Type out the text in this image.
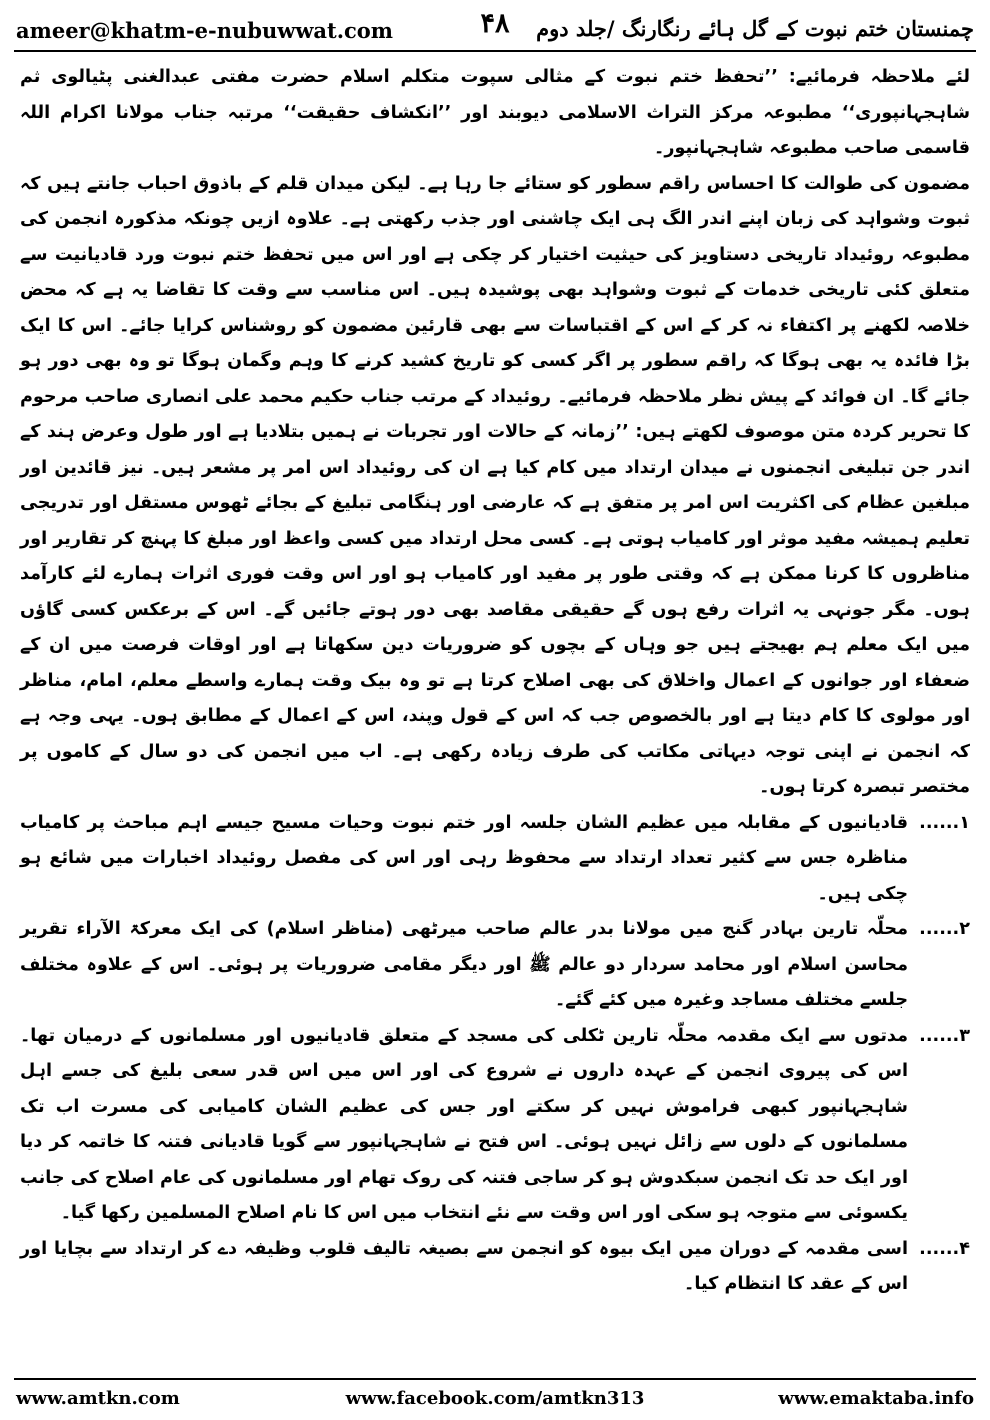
ameer@khatm-e-nubuwwat.com	۴۸	چمنستان ختم نبوت کے گل ہائے رنگارنگ /جلد دوم

لئے ملاحظہ فرمائیے: ’’تحفظ ختم نبوت کے مثالی سپوت متکلم اسلام حضرت مفتی عبدالغنی پٹیالوی ثم شاہجہانپوری‘‘ مطبوعہ مرکز التراث الاسلامی دیوبند اور ’’انکشاف حقیقت‘‘ مرتبہ جناب مولانا اکرام اللہ قاسمی صاحب مطبوعہ شاہجہانپور۔

مضمون کی طوالت کا احساس راقم سطور کو ستائے جا رہا ہے۔ لیکن میدان قلم کے باذوق احباب جانتے ہیں کہ ثبوت وشواہد کی زبان اپنے اندر الگ ہی ایک چاشنی اور جذب رکھتی ہے۔ علاوہ ازیں چونکہ مذکورہ انجمن کی مطبوعہ روئیداد تاریخی دستاویز کی حیثیت اختیار کر چکی ہے اور اس میں تحفظ ختم نبوت ورد قادیانیت سے متعلق کئی تاریخی خدمات کے ثبوت وشواہد بھی پوشیدہ ہیں۔ اس مناسب سے وقت کا تقاضا یہ ہے کہ محض خلاصہ لکھنے پر اکتفاء نہ کر کے اس کے اقتباسات سے بھی قارئین مضمون کو روشناس کرایا جائے۔ اس کا ایک بڑا فائدہ یہ بھی ہوگا کہ راقم سطور پر اگر کسی کو تاریخ کشید کرنے کا وہم وگمان ہوگا تو وہ بھی دور ہو جائے گا۔ ان فوائد کے پیش نظر ملاحظہ فرمائیے۔ روئیداد کے مرتب جناب حکیم محمد علی انصاری صاحب مرحوم کا تحریر کردہ متن موصوف لکھتے ہیں: ’’زمانہ کے حالات اور تجربات نے ہمیں بتلادیا ہے اور طول وعرض ہند کے اندر جن تبلیغی انجمنوں نے میدان ارتداد میں کام کیا ہے ان کی روئیداد اس امر پر مشعر ہیں۔ نیز قائدین اور مبلغین عظام کی اکثریت اس امر پر متفق ہے کہ عارضی اور ہنگامی تبلیغ کے بجائے ٹھوس مستقل اور تدریجی تعلیم ہمیشہ مفید موثر اور کامیاب ہوتی ہے۔ کسی محل ارتداد میں کسی واعظ اور مبلغ کا پہنچ کر تقاریر اور مناظروں کا کرنا ممکن ہے کہ وقتی طور پر مفید اور کامیاب ہو اور اس وقت فوری اثرات ہمارے لئے کارآمد ہوں۔ مگر جونہی یہ اثرات رفع ہوں گے حقیقی مقاصد بھی دور ہوتے جائیں گے۔ اس کے برعکس کسی گاؤں میں ایک معلم ہم بھیجتے ہیں جو وہاں کے بچوں کو ضروریات دین سکھاتا ہے اور اوقات فرصت میں ان کے ضعفاء اور جوانوں کے اعمال واخلاق کی بھی اصلاح کرتا ہے تو وہ بیک وقت ہمارے واسطے معلم، امام، مناظر اور مولوی کا کام دیتا ہے اور بالخصوص جب کہ اس کے قول وپند، اس کے اعمال کے مطابق ہوں۔ یہی وجہ ہے کہ انجمن نے اپنی توجہ دیہاتی مکاتب کی طرف زیادہ رکھی ہے۔ اب میں انجمن کی دو سال کے کاموں پر مختصر تبصرہ کرتا ہوں۔

۱......
قادیانیوں کے مقابلہ میں عظیم الشان جلسہ اور ختم نبوت وحیات مسیح جیسے اہم مباحث پر کامیاب مناظرہ جس سے کثیر تعداد ارتداد سے محفوظ رہی اور اس کی مفصل روئیداد اخبارات میں شائع ہو چکی ہیں۔
۲......
محلّہ تارین بہادر گنج میں مولانا بدر عالم صاحب میرٹھی (مناظر اسلام) کی ایک معرکۃ الآراء تقریر محاسن اسلام اور محامد سردار دو عالم ﷺ اور دیگر مقامی ضروریات پر ہوئی۔ اس کے علاوہ مختلف جلسے مختلف مساجد وغیرہ میں کئے گئے۔
۳......
مدتوں سے ایک مقدمہ محلّہ تارین ٹکلی کی مسجد کے متعلق قادیانیوں اور مسلمانوں کے درمیان تھا۔ اس کی پیروی انجمن کے عہدہ داروں نے شروع کی اور اس میں اس قدر سعی بلیغ کی جسے اہل شاہجہانپور کبھی فراموش نہیں کر سکتے اور جس کی عظیم الشان کامیابی کی مسرت اب تک مسلمانوں کے دلوں سے زائل نہیں ہوئی۔ اس فتح نے شاہجہانپور سے گویا قادیانی فتنہ کا خاتمہ کر دیا اور ایک حد تک انجمن سبکدوش ہو کر ساجی فتنہ کی روک تھام اور مسلمانوں کی عام اصلاح کی جانب یکسوئی سے متوجہ ہو سکی اور اس وقت سے نئے انتخاب میں اس کا نام اصلاح المسلمین رکھا گیا۔
۴......
اسی مقدمہ کے دوران میں ایک بیوہ کو انجمن سے بصیغہ تالیف قلوب وظیفہ دے کر ارتداد سے بچایا اور اس کے عقد کا انتظام کیا۔
www.amtkn.com	www.facebook.com/amtkn313	www.emaktaba.info
